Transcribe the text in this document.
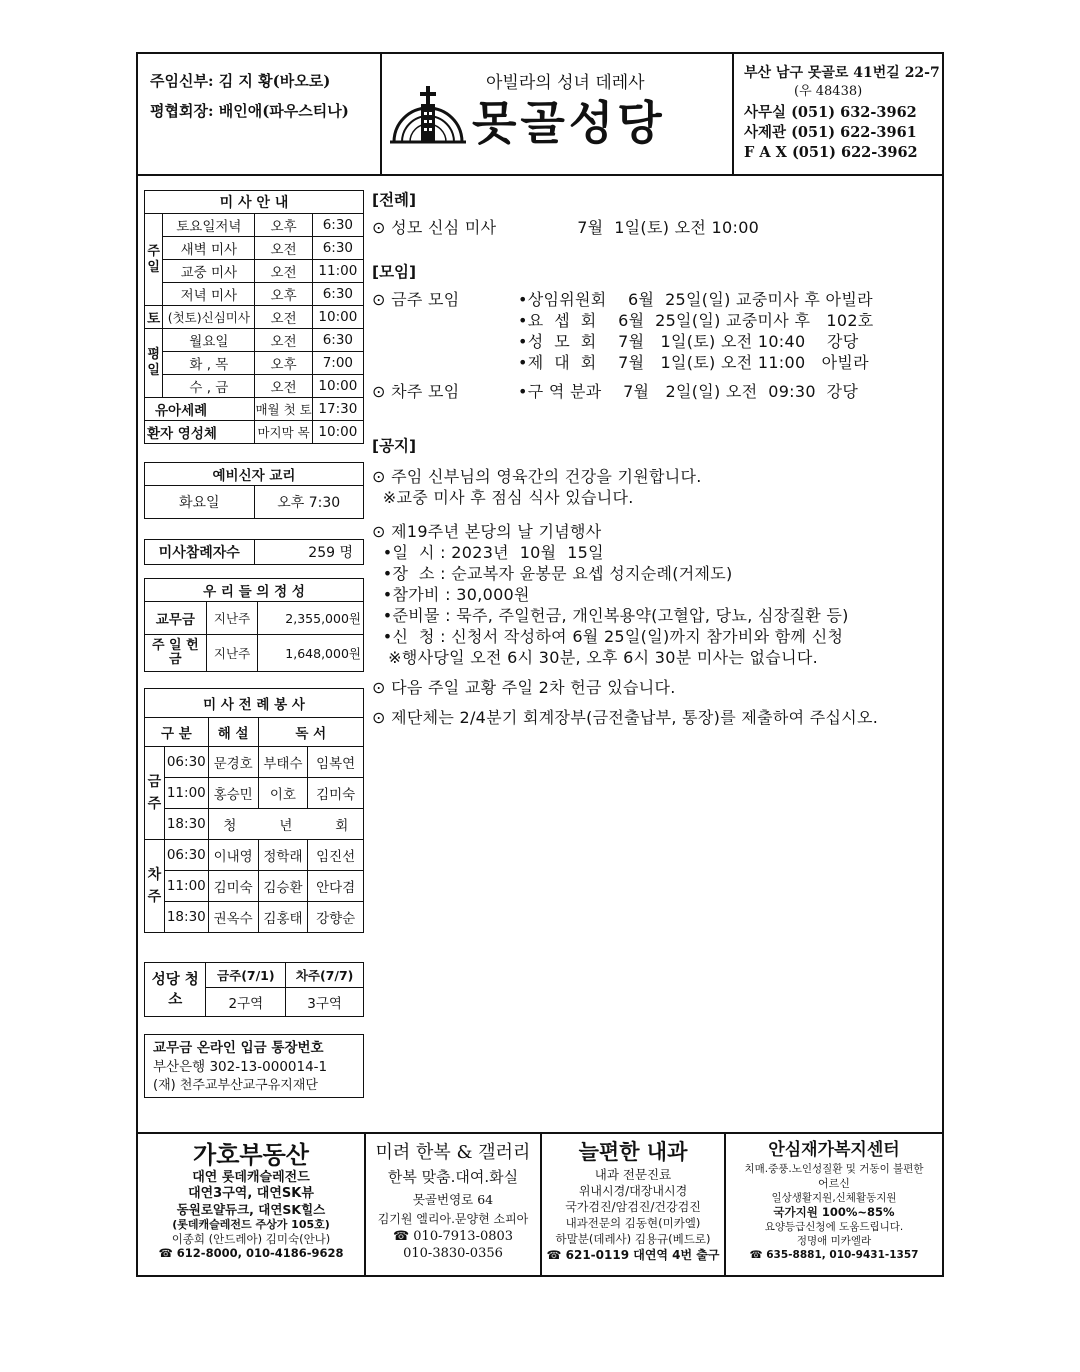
주임신부: 김 지 황(바오로)
평협회장: 배인애(파우스티나)
아빌라의 성녀 데레사
못골성당
부산 남구 못골로 41번길 22-7
(우 48438)
사무실 (051) 632-3962
사제관 (051) 622-3961
F A X (051) 622-3962
미 사 안 내			
주일	토요일저녁	오후	6:30
	새벽 미사	오전	6:30
	교중 미사	오전	11:00
	저녁 미사	오후	6:30
토	(첫토)신심미사	오전	10:00
평일	월요일	오전	6:30
	화 , 목	오후	7:00
	수 , 금	오전	10:00
유아세례		매월 첫 토	17:30
환자 영성체		마지막 목	10:00
예비신자 교리
화요일	오후 7:30
미사참례자수	259 명
우 리 들 의 정 성		
교무금	지난주	2,355,000원
주 일 헌 금	지난주	1,648,000원
미 사 전 례 봉 사				
구 분		해 설	독 서	
금주	06:30	문경호	부태수	임복연
	11:00	홍승민	이호	김미숙
	18:30	청          년          회		
차주	06:30	이내영	정학래	임진선
	11:00	김미숙	김승환	안다겸
	18:30	권옥수	김홍태	강향순
성당 청소	금주(7/1)	차주(7/7)
	2구역	3구역
교무금 온라인 입금 통장번호
부산은행 302-13-000014-1
(재) 천주교부산교구유지재단
[전례]
⊙ 성모 신심 미사               7월  1일(토) 오전 10:00
[모임]
⊙ 금주 모임	•상임위원회    6월  25일(일) 교중미사 후 아빌라
•요  셉  회    6월  25일(일) 교중미사 후   102호
•성  모  회    7월   1일(토) 오전 10:40    강당
•제  대  회    7월   1일(토) 오전 11:00   아빌라
⊙ 차주 모임	•구 역 분과    7월   2일(일) 오전  09:30  강당
[공지]
⊙ 주임 신부님의 영육간의 건강을 기원합니다.
※교중 미사 후 점심 식사 있습니다.
⊙ 제19주년 본당의 날 기념행사
•일  시 : 2023년  10월  15일
•장  소 : 순교복자 윤봉문 요셉 성지순례(거제도)
•참가비 : 30,000원
•준비물 : 묵주, 주일헌금, 개인복용약(고혈압, 당뇨, 심장질환 등)
•신  청 : 신청서 작성하여 6월 25일(일)까지 참가비와 함께 신청
※행사당일 오전 6시 30분, 오후 6시 30분 미사는 없습니다.
⊙ 다음 주일 교황 주일 2차 헌금 있습니다.
⊙ 제단체는 2/4분기 회계장부(금전출납부, 통장)를 제출하여 주십시오.
가호부동산
대연 롯데캐슬레전드
대연3구역, 대연SK뷰
동원로얄듀크, 대연SK힐스
(롯데캐슬레전드 주상가 105호)
이종희 (안드레아) 김미숙(안나)
☎ 612-8000, 010-4186-9628
미려 한복 & 갤러리
한복 맞춤.대여.화실
못골번영로 64
김기원 엘리아.문양현 소피아
☎ 010-7913-0803
010-3830-0356
늘편한 내과
내과 전문진료
위내시경/대장내시경
국가검진/암검진/건강검진
내과전문의 김동현(미카엘)
하말분(데레사) 김용규(베드로)
☎ 621-0119 대연역 4번 출구
안심재가복지센터
치매.중풍.노인성질환 및 거동이 불편한
어르신
일상생활지원,신체활동지원
국가지원 100%~85%
요양등급신청에 도움드립니다.
정명애 미카엘라
☎ 635-8881, 010-9431-1357
